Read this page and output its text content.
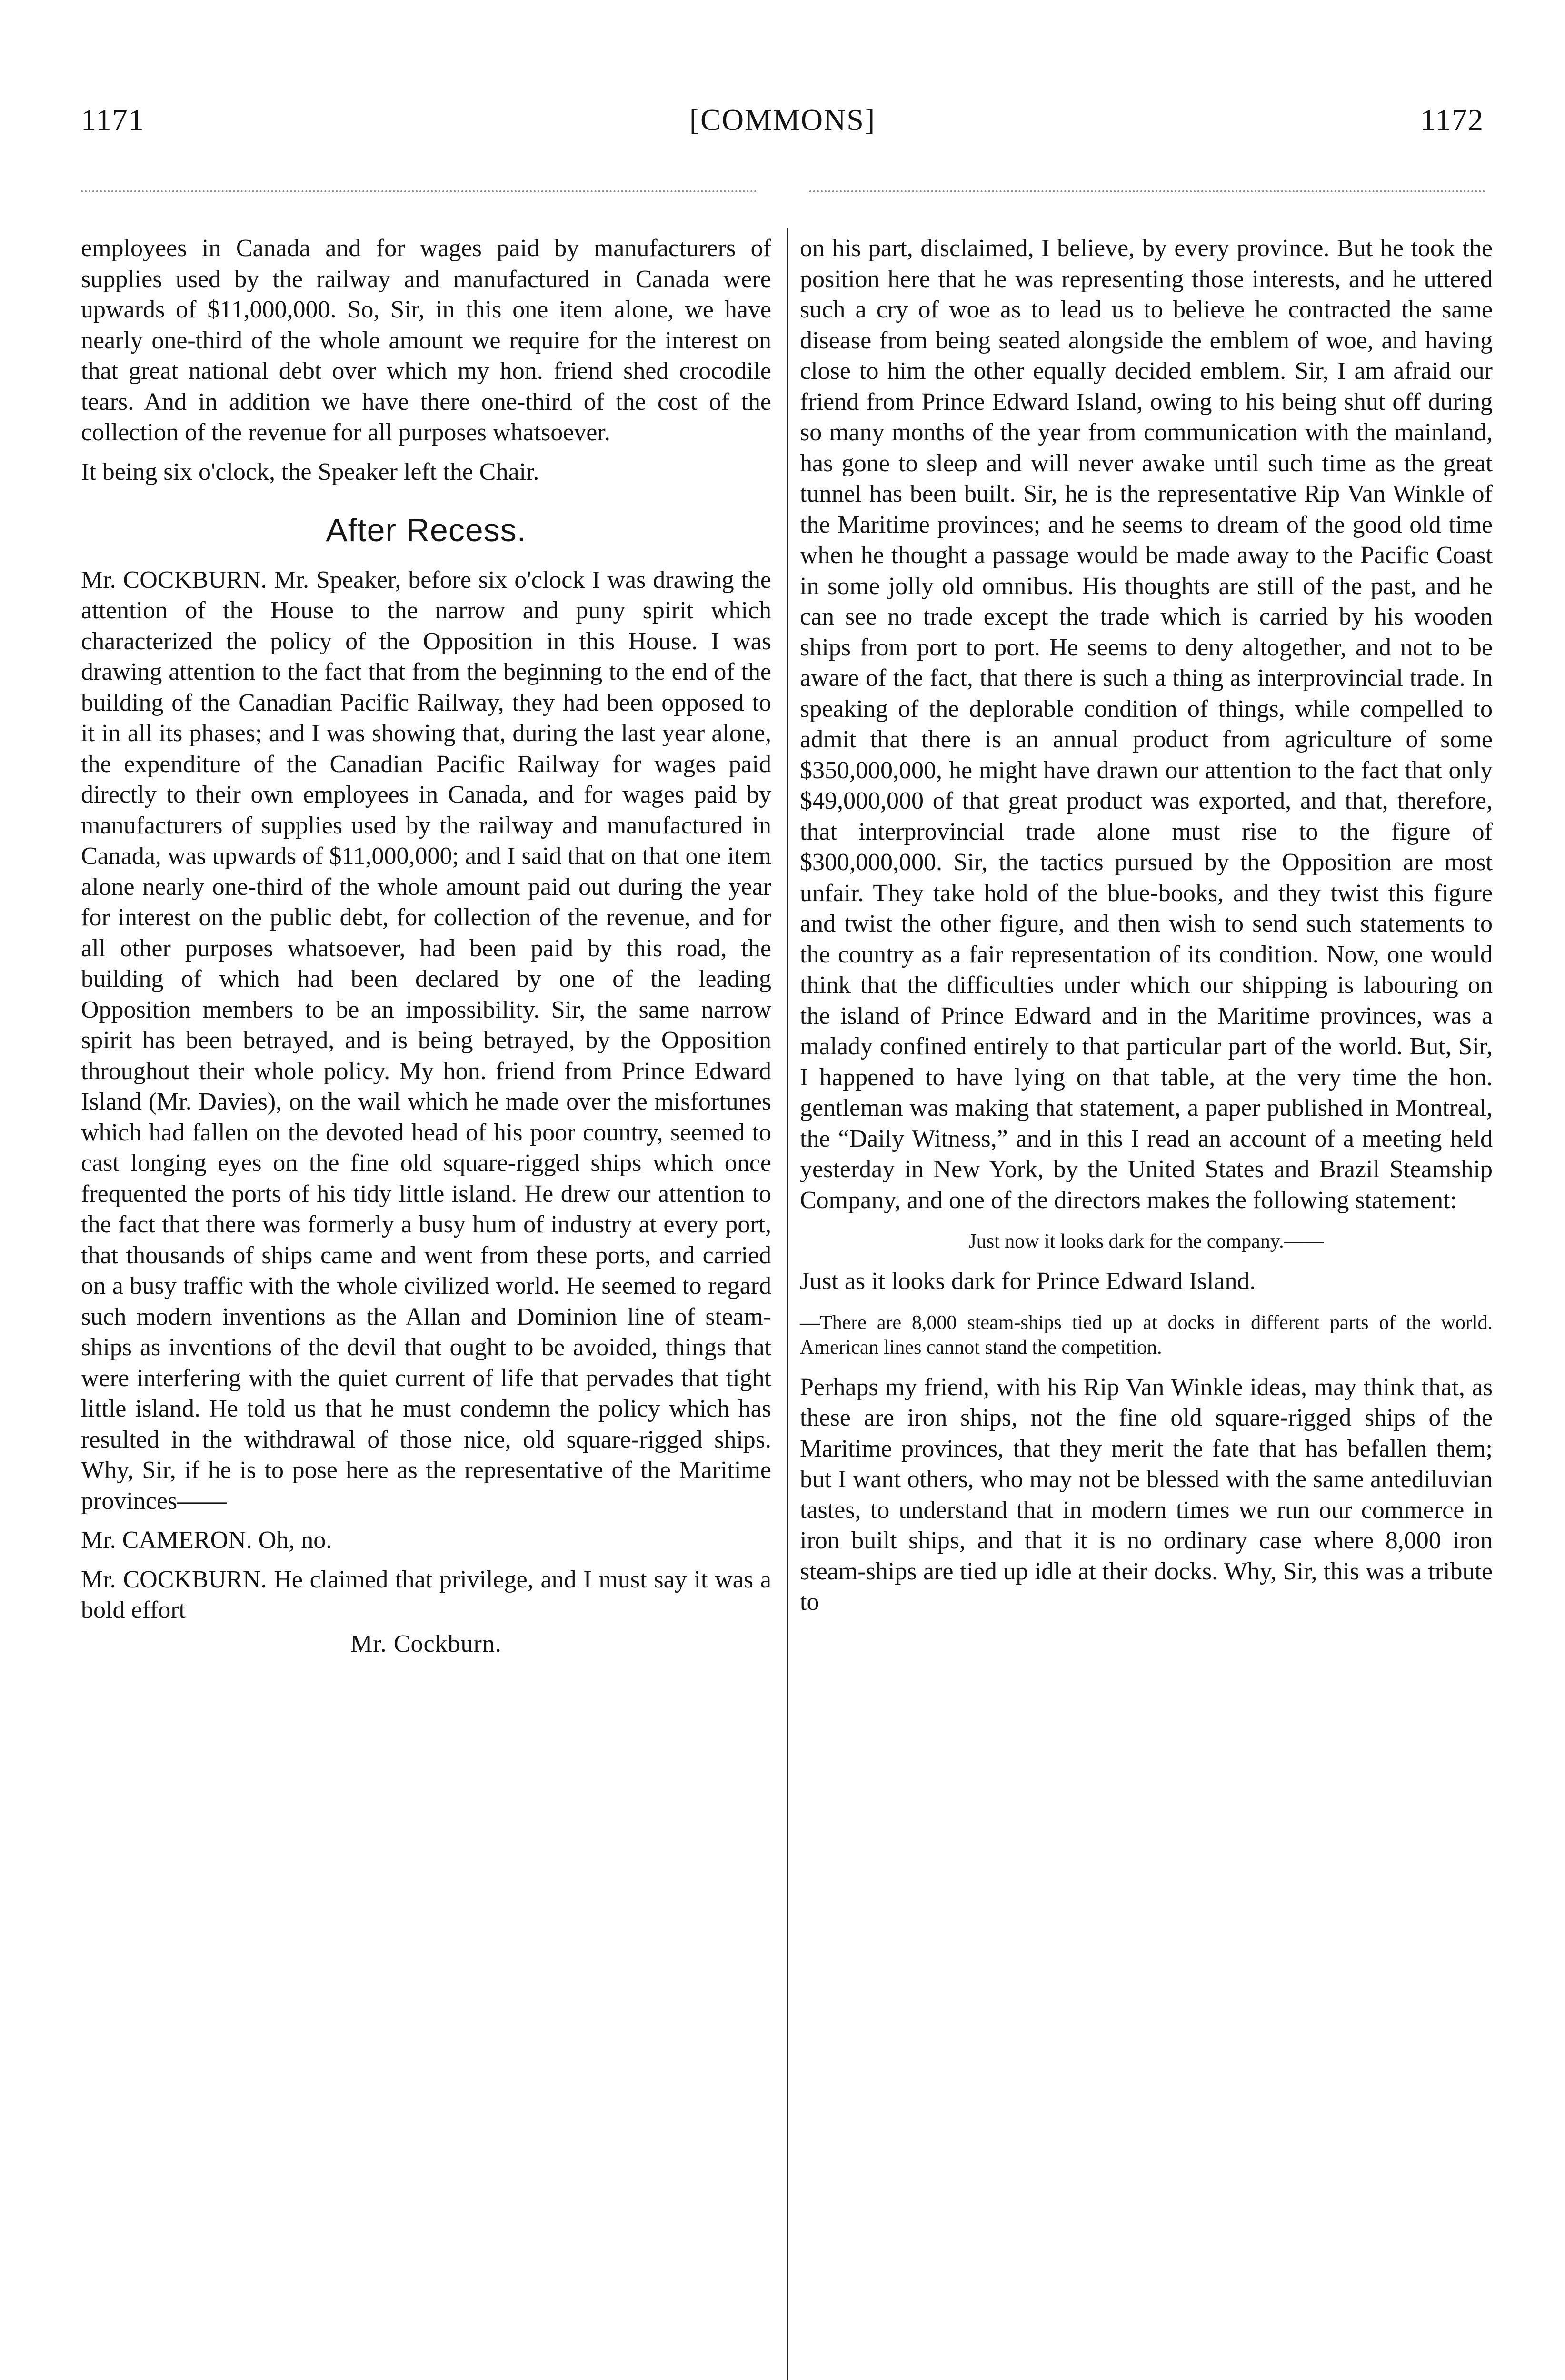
1171	[COMMONS]	1172

employees in Canada and for wages paid by manufacturers of supplies used by the railway and manufactured in Canada were upwards of $11,000,000. So, Sir, in this one item alone, we have nearly one-third of the whole amount we require for the interest on that great national debt over which my hon. friend shed crocodile tears. And in addition we have there one-third of the cost of the collection of the revenue for all purposes whatsoever.

It being six o'clock, the Speaker left the Chair.

After Recess.

Mr. COCKBURN. Mr. Speaker, before six o'clock I was drawing the attention of the House to the narrow and puny spirit which characterized the policy of the Opposition in this House. I was drawing attention to the fact that from the beginning to the end of the building of the Canadian Pacific Railway, they had been opposed to it in all its phases; and I was showing that, during the last year alone, the expenditure of the Canadian Pacific Railway for wages paid directly to their own employees in Canada, and for wages paid by manufacturers of supplies used by the railway and manufactured in Canada, was upwards of $11,000,000; and I said that on that one item alone nearly one-third of the whole amount paid out during the year for interest on the public debt, for collection of the revenue, and for all other purposes whatsoever, had been paid by this road, the building of which had been declared by one of the leading Opposition members to be an impossibility. Sir, the same narrow spirit has been betrayed, and is being betrayed, by the Opposition throughout their whole policy. My hon. friend from Prince Edward Island (Mr. Davies), on the wail which he made over the misfortunes which had fallen on the devoted head of his poor country, seemed to cast longing eyes on the fine old square-rigged ships which once frequented the ports of his tidy little island. He drew our attention to the fact that there was formerly a busy hum of industry at every port, that thousands of ships came and went from these ports, and carried on a busy traffic with the whole civilized world. He seemed to regard such modern inventions as the Allan and Dominion line of steam-ships as inventions of the devil that ought to be avoided, things that were interfering with the quiet current of life that pervades that tight little island. He told us that he must condemn the policy which has resulted in the withdrawal of those nice, old square-rigged ships. Why, Sir, if he is to pose here as the representative of the Maritime provinces——

Mr. CAMERON. Oh, no.

Mr. COCKBURN. He claimed that privilege, and I must say it was a bold effort

Mr. Cockburn.

on his part, disclaimed, I believe, by every province. But he took the position here that he was representing those interests, and he uttered such a cry of woe as to lead us to believe he contracted the same disease from being seated alongside the emblem of woe, and having close to him the other equally decided emblem. Sir, I am afraid our friend from Prince Edward Island, owing to his being shut off during so many months of the year from communication with the mainland, has gone to sleep and will never awake until such time as the great tunnel has been built. Sir, he is the representative Rip Van Winkle of the Maritime provinces; and he seems to dream of the good old time when he thought a passage would be made away to the Pacific Coast in some jolly old omnibus. His thoughts are still of the past, and he can see no trade except the trade which is carried by his wooden ships from port to port. He seems to deny altogether, and not to be aware of the fact, that there is such a thing as interprovincial trade. In speaking of the deplorable condition of things, while compelled to admit that there is an annual product from agriculture of some $350,000,000, he might have drawn our attention to the fact that only $49,000,000 of that great product was exported, and that, therefore, that interprovincial trade alone must rise to the figure of $300,000,000. Sir, the tactics pursued by the Opposition are most unfair. They take hold of the blue-books, and they twist this figure and twist the other figure, and then wish to send such statements to the country as a fair representation of its condition. Now, one would think that the difficulties under which our shipping is labouring on the island of Prince Edward and in the Maritime provinces, was a malady confined entirely to that particular part of the world. But, Sir, I happened to have lying on that table, at the very time the hon. gentleman was making that statement, a paper published in Montreal, the “Daily Witness,” and in this I read an account of a meeting held yesterday in New York, by the United States and Brazil Steamship Company, and one of the directors makes the following statement:

Just now it looks dark for the company.——

Just as it looks dark for Prince Edward Island.

—There are 8,000 steam-ships tied up at docks in different parts of the world. American lines cannot stand the competition.

Perhaps my friend, with his Rip Van Winkle ideas, may think that, as these are iron ships, not the fine old square-rigged ships of the Maritime provinces, that they merit the fate that has befallen them; but I want others, who may not be blessed with the same antediluvian tastes, to understand that in modern times we run our commerce in iron built ships, and that it is no ordinary case where 8,000 iron steam-ships are tied up idle at their docks. Why, Sir, this was a tribute to
